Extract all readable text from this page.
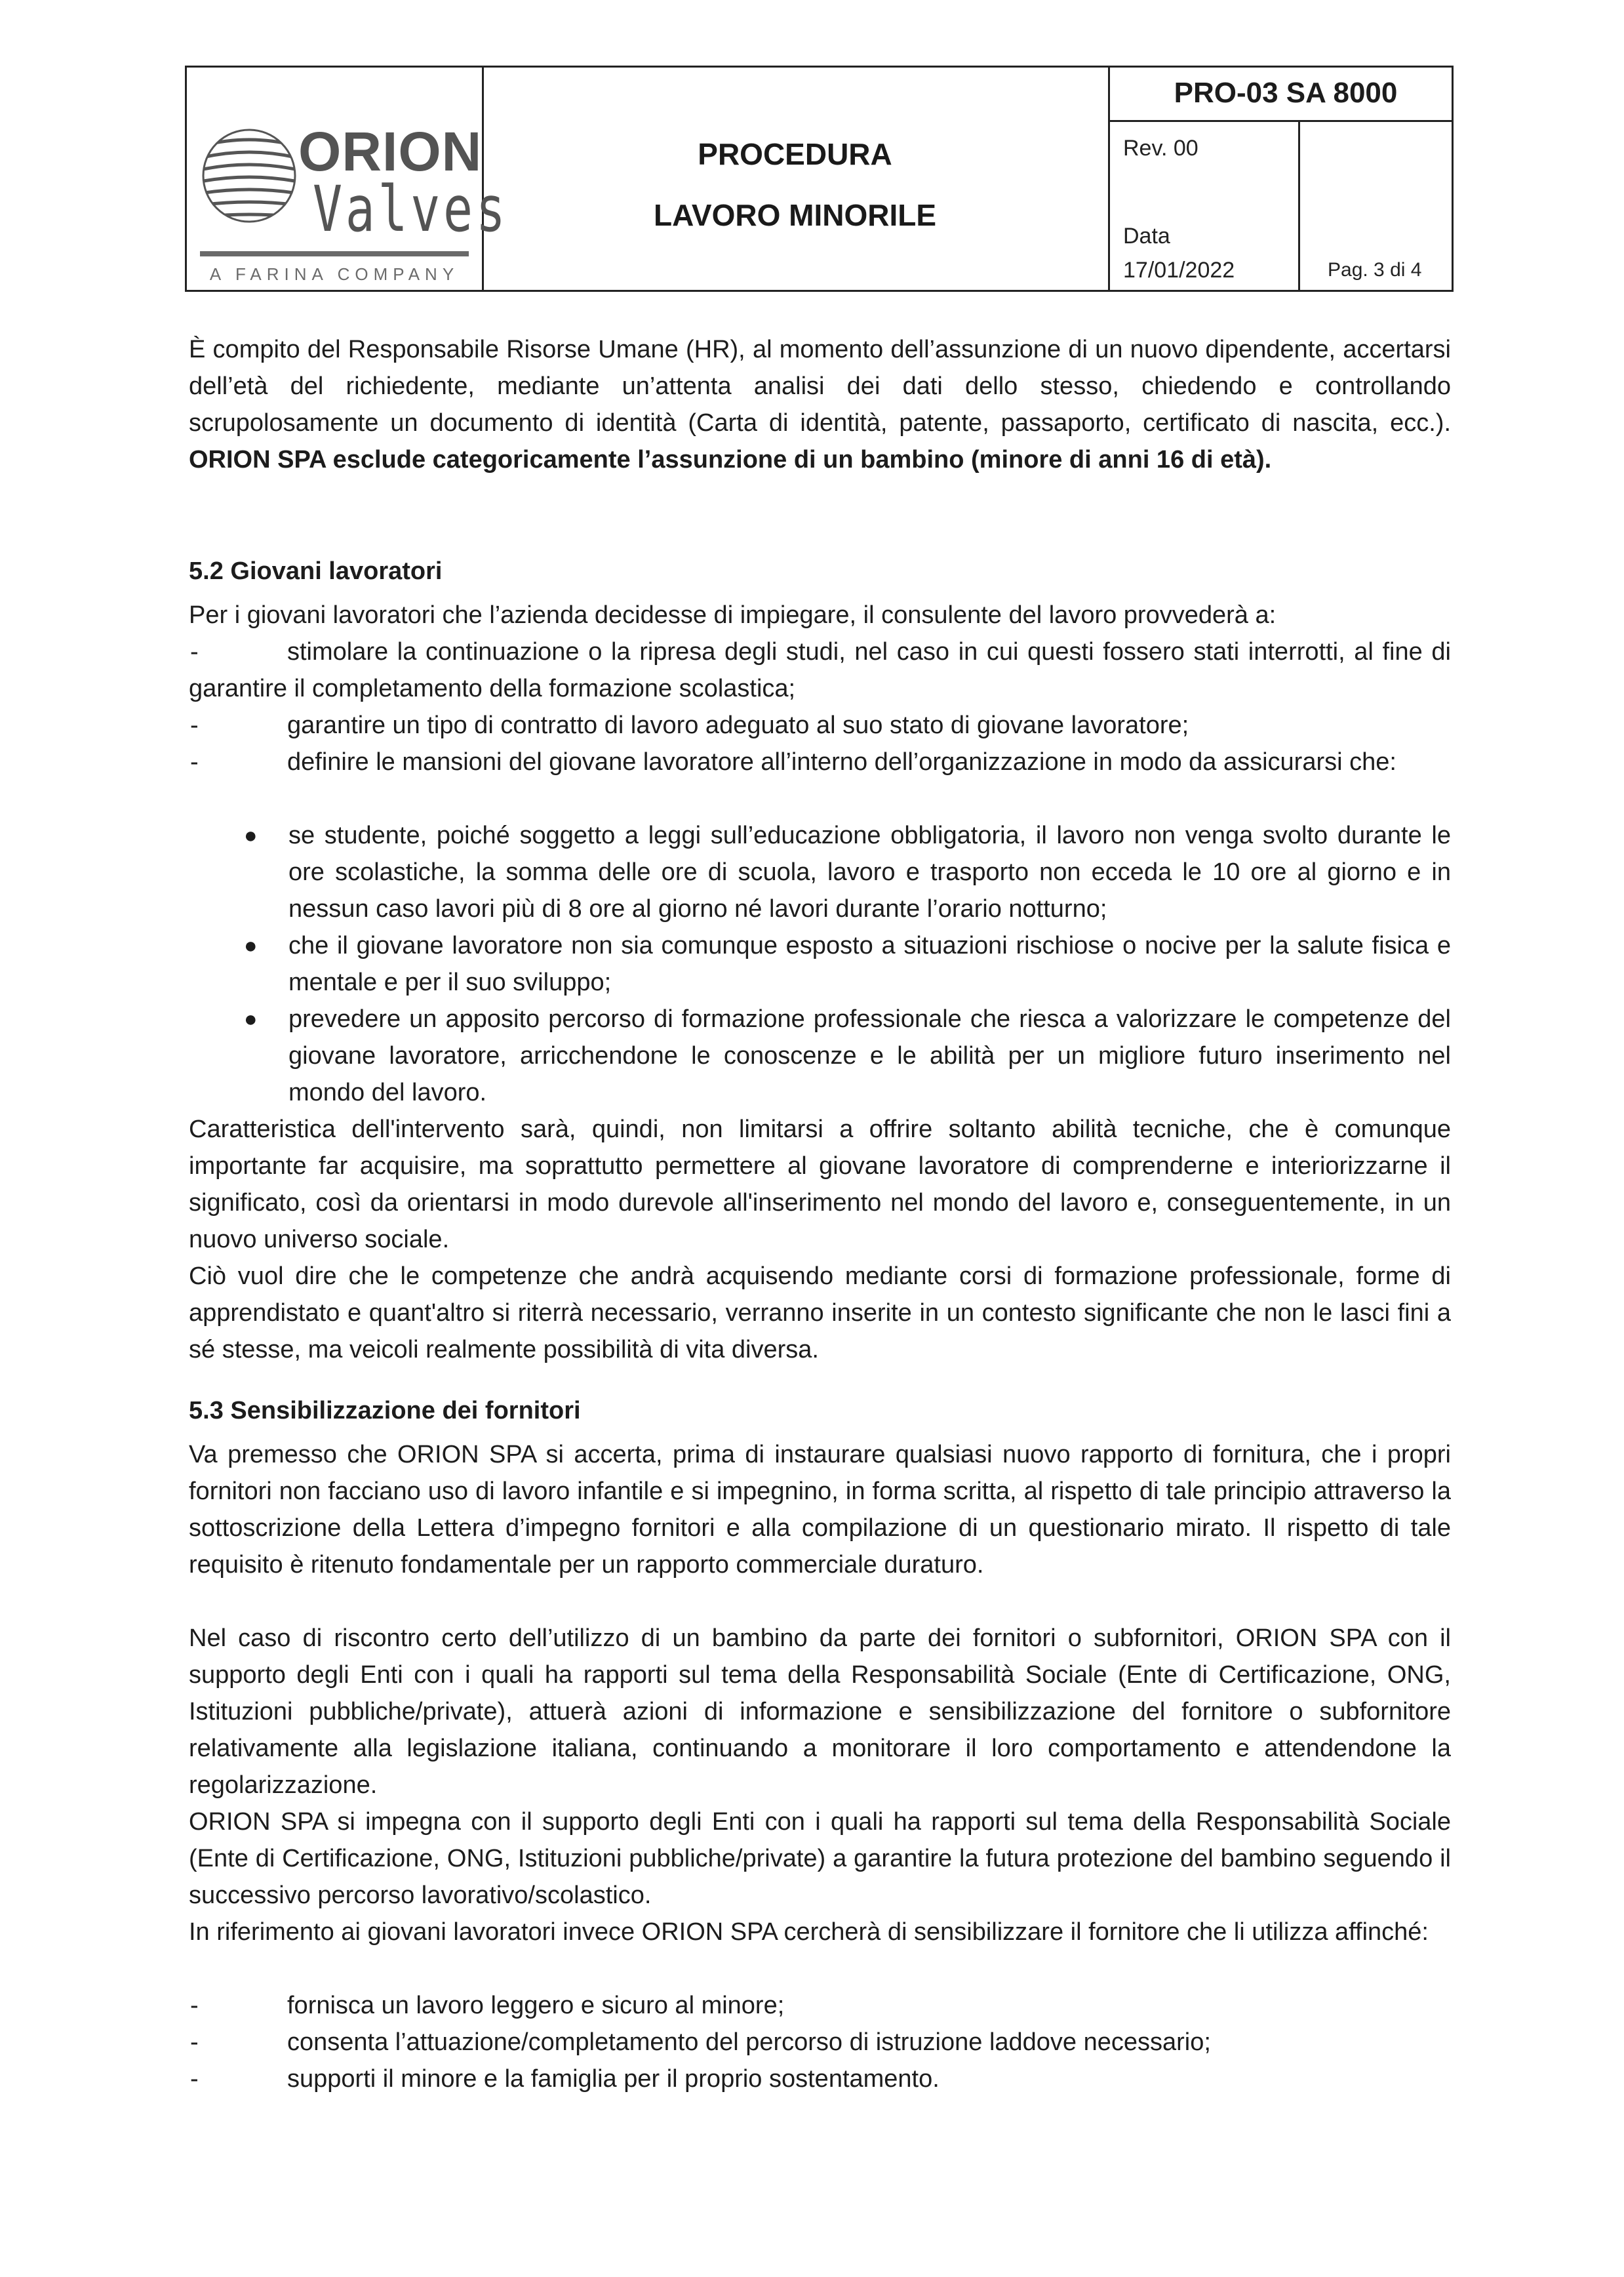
ORION
Valves
A FARINA COMPANY
PROCEDURA
LAVORO MINORILE
PRO-03 SA 8000
Rev. 00
Data
17/01/2022	Pag. 3 di 4

È compito del Responsabile Risorse Umane (HR), al momento dell’assunzione di un nuovo dipendente, accertarsi dell’età del richiedente, mediante un’attenta analisi dei dati dello stesso, chiedendo e controllando scrupolosamente un documento di identità (Carta di identità, patente, passaporto, certificato di nascita, ecc.). ORION SPA esclude categoricamente l’assunzione di un bambino (minore di anni 16 di età).

5.2 Giovani lavoratori

Per i giovani lavoratori che l’azienda decidesse di impiegare, il consulente del lavoro provvederà a:

-	stimolare la continuazione o la ripresa degli studi, nel caso in cui questi fossero stati interrotti, al fine di garantire il completamento della formazione scolastica;

-	garantire un tipo di contratto di lavoro adeguato al suo stato di giovane lavoratore;

-	definire le mansioni del giovane lavoratore all’interno dell’organizzazione in modo da assicurarsi che:

● se studente, poiché soggetto a leggi sull’educazione obbligatoria, il lavoro non venga svolto durante le ore scolastiche, la somma delle ore di scuola, lavoro e trasporto non ecceda le 10 ore al giorno e in nessun caso lavori più di 8 ore al giorno né lavori durante l’orario notturno;

● che il giovane lavoratore non sia comunque esposto a situazioni rischiose o nocive per la salute fisica e mentale e per il suo sviluppo;

● prevedere un apposito percorso di formazione professionale che riesca a valorizzare le competenze del giovane lavoratore, arricchendone le conoscenze e le abilità per un migliore futuro inserimento nel mondo del lavoro.

Caratteristica dell'intervento sarà, quindi, non limitarsi a offrire soltanto abilità tecniche, che è comunque importante far acquisire, ma soprattutto permettere al giovane lavoratore di comprenderne e interiorizzarne il significato, così da orientarsi in modo durevole all'inserimento nel mondo del lavoro e, conseguentemente, in un nuovo universo sociale.

Ciò vuol dire che le competenze che andrà acquisendo mediante corsi di formazione professionale, forme di apprendistato e quant'altro si riterrà necessario, verranno inserite in un contesto significante che non le lasci fini a sé stesse, ma veicoli realmente possibilità di vita diversa.

5.3 Sensibilizzazione dei fornitori

Va premesso che ORION SPA si accerta, prima di instaurare qualsiasi nuovo rapporto di fornitura, che i propri fornitori non facciano uso di lavoro infantile e si impegnino, in forma scritta, al rispetto di tale principio attraverso la sottoscrizione della Lettera d’impegno fornitori e alla compilazione di un questionario mirato. Il rispetto di tale requisito è ritenuto fondamentale per un rapporto commerciale duraturo.

Nel caso di riscontro certo dell’utilizzo di un bambino da parte dei fornitori o subfornitori, ORION SPA con il supporto degli Enti con i quali ha rapporti sul tema della Responsabilità Sociale (Ente di Certificazione, ONG, Istituzioni pubbliche/private), attuerà azioni di informazione e sensibilizzazione del fornitore o subfornitore relativamente alla legislazione italiana, continuando a monitorare il loro comportamento e attendendone la regolarizzazione.

ORION SPA si impegna con il supporto degli Enti con i quali ha rapporti sul tema della Responsabilità Sociale (Ente di Certificazione, ONG, Istituzioni pubbliche/private) a garantire la futura protezione del bambino seguendo il successivo percorso lavorativo/scolastico.

In riferimento ai giovani lavoratori invece ORION SPA cercherà di sensibilizzare il fornitore che li utilizza affinché:

-	fornisca un lavoro leggero e sicuro al minore;

-	consenta l’attuazione/completamento del percorso di istruzione laddove necessario;

-	supporti il minore e la famiglia per il proprio sostentamento.
